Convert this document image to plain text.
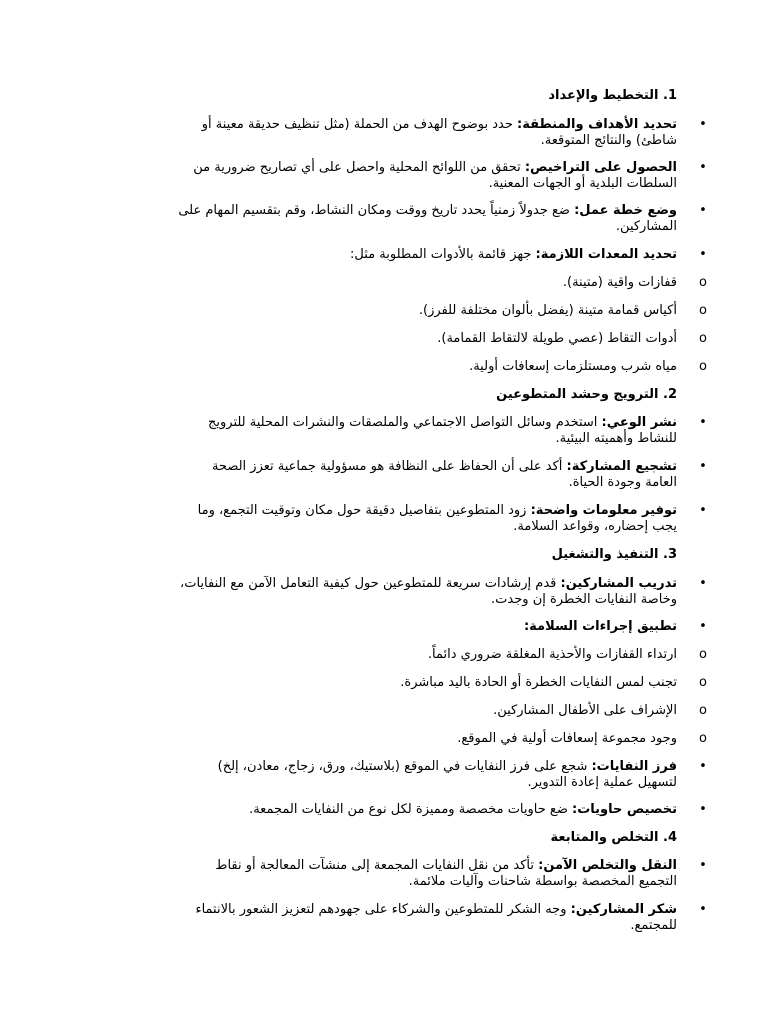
1. التخطيط والإعداد
•
تحديد الأهداف والمنطقة: حدد بوضوح الهدف من الحملة (مثل تنظيف حديقة معينة أو
شاطئ) والنتائج المتوقعة.
•
الحصول على التراخيص: تحقق من اللوائح المحلية واحصل على أي تصاريح ضرورية من
السلطات البلدية أو الجهات المعنية.
•
وضع خطة عمل: ضع جدولاً زمنياً يحدد تاريخ ووقت ومكان النشاط، وقم بتقسيم المهام على
المشاركين.
•
تحديد المعدات اللازمة: جهز قائمة بالأدوات المطلوبة مثل:
o
قفازات واقية (متينة).
o
أكياس قمامة متينة (يفضل بألوان مختلفة للفرز).
o
أدوات التقاط (عصي طويلة لالتقاط القمامة).
o
مياه شرب ومستلزمات إسعافات أولية.
2. الترويج وحشد المتطوعين
•
نشر الوعي: استخدم وسائل التواصل الاجتماعي والملصقات والنشرات المحلية للترويج
للنشاط وأهميته البيئية.
•
تشجيع المشاركة: أكد على أن الحفاظ على النظافة هو مسؤولية جماعية تعزز الصحة
العامة وجودة الحياة.
•
توفير معلومات واضحة: زود المتطوعين بتفاصيل دقيقة حول مكان وتوقيت التجمع، وما
يجب إحضاره، وقواعد السلامة.
3. التنفيذ والتشغيل
•
تدريب المشاركين: قدم إرشادات سريعة للمتطوعين حول كيفية التعامل الآمن مع النفايات،
وخاصة النفايات الخطرة إن وجدت.
•
تطبيق إجراءات السلامة:
o
ارتداء القفازات والأحذية المغلقة ضروري دائماً.
o
تجنب لمس النفايات الخطرة أو الحادة باليد مباشرة.
o
الإشراف على الأطفال المشاركين.
o
وجود مجموعة إسعافات أولية في الموقع.
•
فرز النفايات: شجع على فرز النفايات في الموقع (بلاستيك، ورق، زجاج، معادن، إلخ)
لتسهيل عملية إعادة التدوير.
•
تخصيص حاويات: ضع حاويات مخصصة ومميزة لكل نوع من النفايات المجمعة.
4. التخلص والمتابعة
•
النقل والتخلص الآمن: تأكد من نقل النفايات المجمعة إلى منشآت المعالجة أو نقاط
التجميع المخصصة بواسطة شاحنات وآليات ملائمة.
•
شكر المشاركين: وجه الشكر للمتطوعين والشركاء على جهودهم لتعزيز الشعور بالانتماء
للمجتمع.
